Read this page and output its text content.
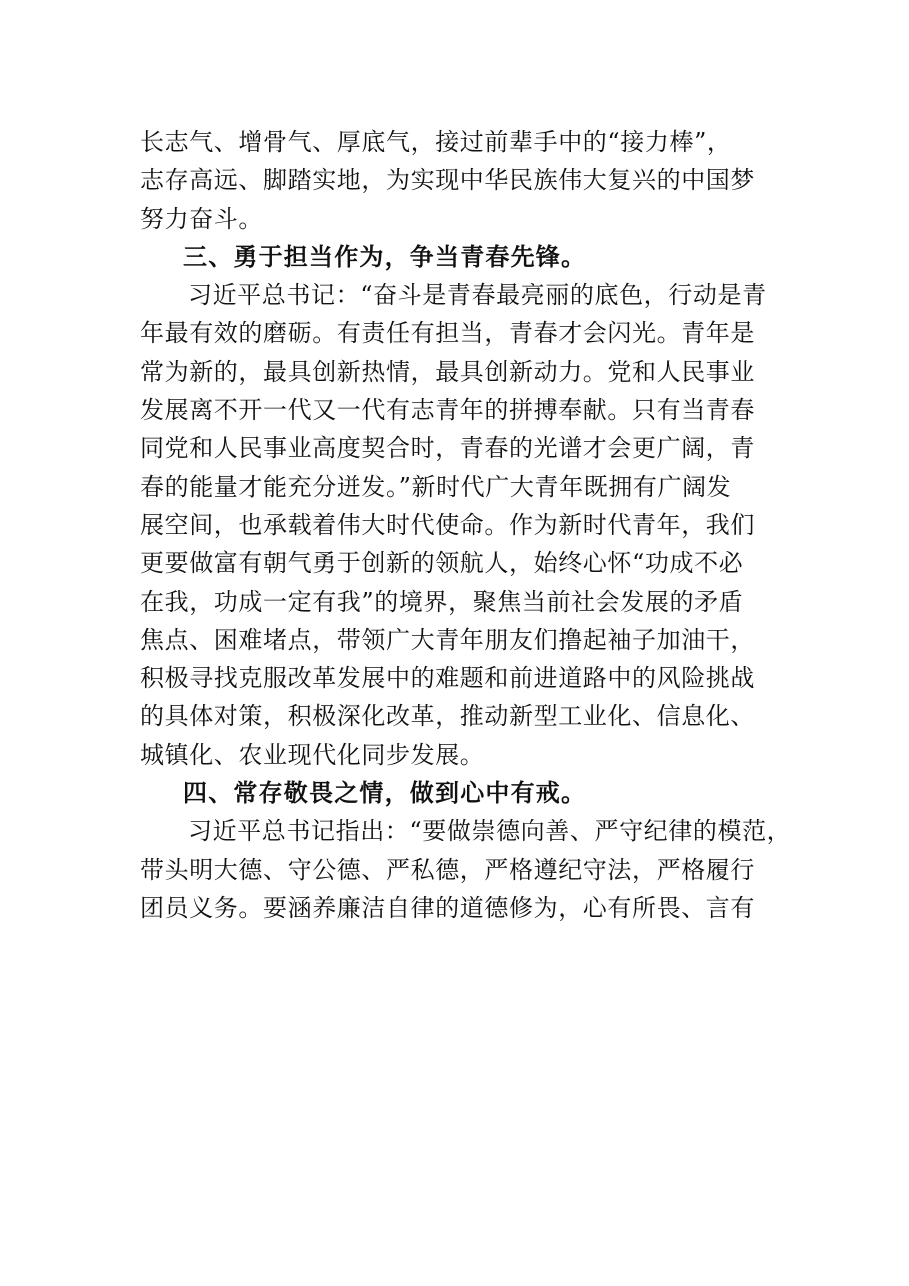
长志气、增骨气、厚底气，接过前辈手中的“接力棒”，
志存高远、脚踏实地，为实现中华民族伟大复兴的中国梦
努力奋斗。
三、勇于担当作为，争当青春先锋。
习近平总书记：“奋斗是青春最亮丽的底色，行动是青
年最有效的磨砺。有责任有担当，青春才会闪光。青年是
常为新的，最具创新热情，最具创新动力。党和人民事业
发展离不开一代又一代有志青年的拼搏奉献。只有当青春
同党和人民事业高度契合时，青春的光谱才会更广阔，青
春的能量才能充分迸发。”新时代广大青年既拥有广阔发
展空间，也承载着伟大时代使命。作为新时代青年，我们
更要做富有朝气勇于创新的领航人，始终心怀“功成不必
在我，功成一定有我”的境界，聚焦当前社会发展的矛盾
焦点、困难堵点，带领广大青年朋友们撸起袖子加油干，
积极寻找克服改革发展中的难题和前进道路中的风险挑战
的具体对策，积极深化改革，推动新型工业化、信息化、
城镇化、农业现代化同步发展。
四、常存敬畏之情，做到心中有戒。
习近平总书记指出：“要做崇德向善、严守纪律的模范，
带头明大德、守公德、严私德，严格遵纪守法，严格履行
团员义务。要涵养廉洁自律的道德修为，心有所畏、言有
